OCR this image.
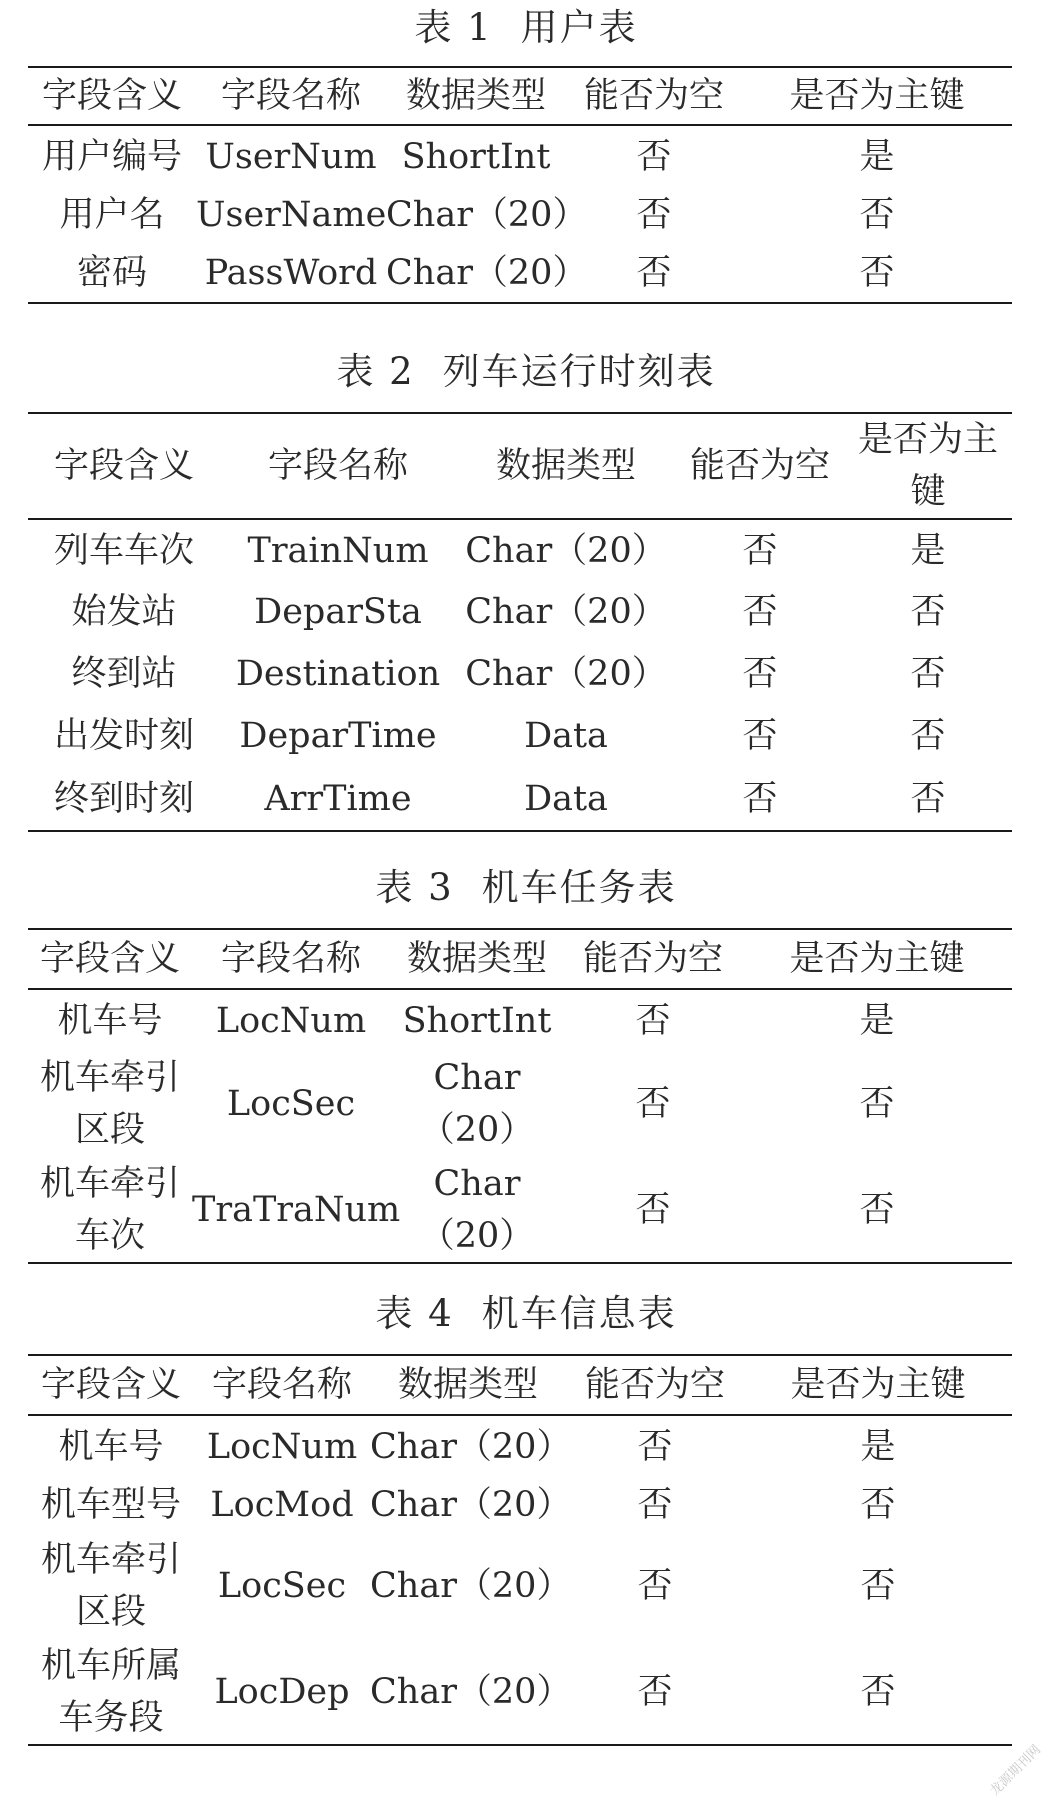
表 1 用户表
字段含义	字段名称	数据类型	能否为空	是否为主键
用户编号	UserNum	ShortInt	否	是
用户名	UserName	Char（20）	否	否
密码	PassWord	Char（20）	否	否
表 2 列车运行时刻表
字段含义	字段名称	数据类型	能否为空	是否为主键
列车车次	TrainNum	Char（20）	否	是
始发站	DeparSta	Char（20）	否	否
终到站	Destination	Char（20）	否	否
出发时刻	DeparTime	Data	否	否
终到时刻	ArrTime	Data	否	否
表 3 机车任务表
字段含义	字段名称	数据类型	能否为空	是否为主键
机车号	LocNum	ShortInt	否	是
机车牵引区段	LocSec	Char（20）	否	否
机车牵引车次	TraTraNum	Char（20）	否	否
表 4 机车信息表
字段含义	字段名称	数据类型	能否为空	是否为主键
机车号	LocNum	Char（20）	否	是
机车型号	LocMod	Char（20）	否	否
机车牵引区段	LocSec	Char（20）	否	否
机车所属车务段	LocDep	Char（20）	否	否
龙源期刊网
